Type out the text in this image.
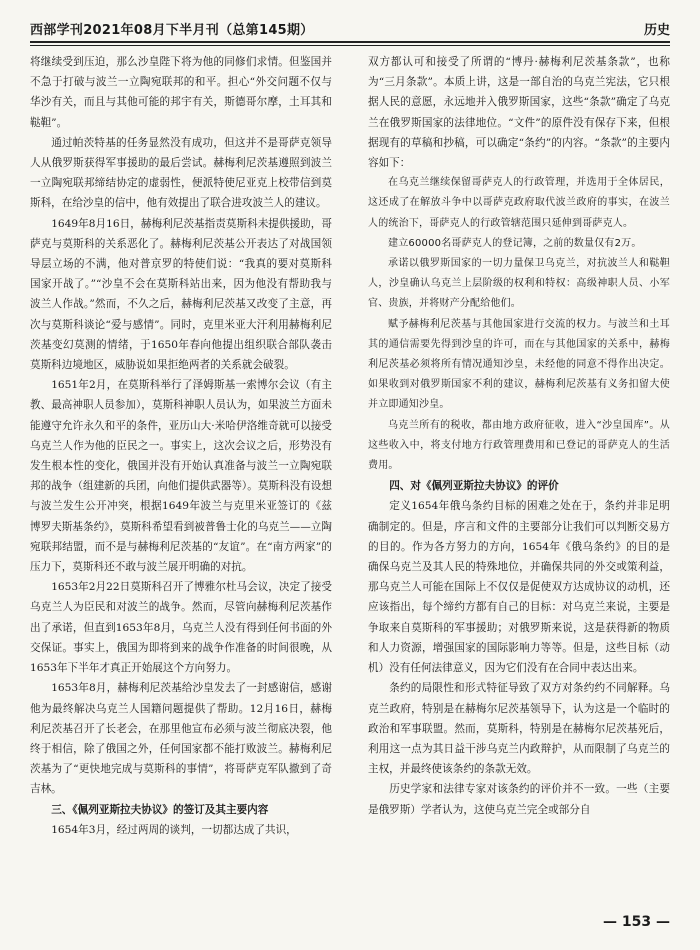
西部学刊2021年08月下半月刊（总第145期）	历史

将继续受到压迫，那么沙皇陛下将为他的同修们求情。但鉴国并不急于打破与波兰一立陶宛联邦的和平。担心“外交问题不仅与华沙有关，而且与其他可能的邦宇有关，斯德哥尔摩，土耳其和鞑靼”。

通过帕茨特基的任务显然没有成功，但这并不是哥萨克领导人从俄罗斯获得军事援助的最后尝试。赫梅利尼茨基遵照到波兰一立陶宛联邦缔结协定的虚弱性，便派特使尼亚克上校带信到莫斯科，在给沙皇的信中，他有效提出了联合进攻波兰人的建议。

1649年8月16日，赫梅利尼茨基指责莫斯科未提供援助，哥萨克与莫斯科的关系恶化了。赫梅利尼茨基公开表达了对战国领导层立场的不满，他对普京罗的特使们说：“我真的要对莫斯科国家开战了。”“沙皇不会在莫斯科站出来，因为他没有帮助我与波兰人作战。”然而，不久之后，赫梅利尼茨基又改变了主意，再次与莫斯科谈论“爱与感情”。同时，克里米亚大汗利用赫梅利尼茨基变幻莫测的情绪，于1650年春向他提出组织联合部队袭击莫斯科边境地区，威胁说如果拒绝两者的关系就会破裂。

1651年2月，在莫斯科举行了泽姆斯基一索博尔会议（有主教、最高神职人员参加），莫斯科神职人员认为，如果波兰方面未能遵守允许永久和平的条件，亚历山大·米哈伊洛维奇就可以接受乌克兰人作为他的臣民之一。事实上，这次会议之后，形势没有发生根本性的变化，俄国并没有开始认真准备与波兰一立陶宛联邦的战争（组建新的兵团，向他们提供武器等）。莫斯科没有设想与波兰发生公开冲突，根据1649年波兰与克里米亚签订的《兹博罗夫斯基条约》，莫斯科希望看到被普鲁士化的乌克兰——立陶宛联邦结盟，而不是与赫梅利尼茨基的“友谊”。在“南方两家”的压力下，莫斯科还不敢与波兰展开明确的对抗。

1653年2月22日莫斯科召开了博雅尔杜马会议，决定了接受乌克兰人为臣民和对波兰的战争。然而，尽管向赫梅利尼茨基作出了承诺，但直到1653年8月，乌克兰人没有得到任何书面的外交保证。事实上，俄国为即将到来的战争作准备的时间很晚，从1653年下半年才真正开始展这个方向努力。

1653年8月，赫梅利尼茨基给沙皇发去了一封感谢信，感谢他为最终解决乌克兰人国籍问题提供了帮助。12月16日，赫梅利尼茨基召开了长老会，在那里他宣布必须与波兰彻底决裂，他终于相信，除了俄国之外，任何国家都不能打败波兰。赫梅利尼茨基为了“更快地完成与莫斯科的事情”，将哥萨克军队撤到了奇吉林。

三、《佩列亚斯拉夫协议》的签订及其主要内容

1654年3月，经过两周的谈判，一切都达成了共识，

双方都认可和接受了所谓的“博丹·赫梅利尼茨基条款”，也称为“三月条款”。本质上讲，这是一部自治的乌克兰宪法，它只根据人民的意愿，永远地并入俄罗斯国家，这些“条款”确定了乌克兰在俄罗斯国家的法律地位。“文件”的原件没有保存下来，但根据现有的草稿和抄稿，可以确定“条约”的内容。“条款”的主要内容如下：

在乌克兰继续保留哥萨克人的行政管理，并选用于全体居民，这还成了在解放斗争中以哥萨克政府取代波兰政府的事实，在波兰人的统治下，哥萨克人的行政管辖范围只延伸到哥萨克人。

建立60000名哥萨克人的登记簿，之前的数量仅有2万。

承诺以俄罗斯国家的一切力量保卫乌克兰，对抗波兰人和鞑靼人，沙皇确认乌克兰上层阶级的权利和特权：高级神职人员、小军官、贵族，并将财产分配给他们。

赋予赫梅利尼茨基与其他国家进行交流的权力。与波兰和土耳其的通信需要先得到沙皇的许可，而在与其他国家的关系中，赫梅利尼茨基必须将所有情况通知沙皇，未经他的同意不得作出决定。如果收到对俄罗斯国家不利的建议，赫梅利尼茨基有义务扣留大使并立即通知沙皇。

乌克兰所有的税收，都由地方政府征收，进入“沙皇国库”。从这些收入中，将支付地方行政管理费用和已登记的哥萨克人的生活费用。

四、对《佩列亚斯拉夫协议》的评价

定义1654年俄乌条约目标的困难之处在于，条约并非足明确制定的。但是，序言和文件的主要部分让我们可以判断交易方的目的。作为各方努力的方向，1654年《俄乌条约》的目的是确保乌克兰及其人民的特殊地位，并确保共同的外交或策利益，那乌克兰人可能在国际上不仅仅是促使双方达成协议的动机，还应该指出，每个缔约方都有自己的目标：对乌克兰来说，主要是争取来自莫斯科的军事援助；对俄罗斯来说，这是获得新的物质和人力资源，增强国家的国际影响力等等。但是，这些目标（动机）没有任何法律意义，因为它们没有在合同中表达出来。

条约的局限性和形式特征导致了双方对条约约不同解释。乌克兰政府，特别是在赫梅尔尼茨基领导下，认为这是一个临时的政治和军事联盟。然而，莫斯科，特别是在赫梅尔尼茨基死后，利用这一点为其日益干涉乌克兰内政辩护，从而限制了乌克兰的主权，并最终使该条约的条款无效。

历史学家和法律专家对该条约的评价并不一致。一些（主要是俄罗斯）学者认为，这使乌克兰完全或部分自

— 153 —
